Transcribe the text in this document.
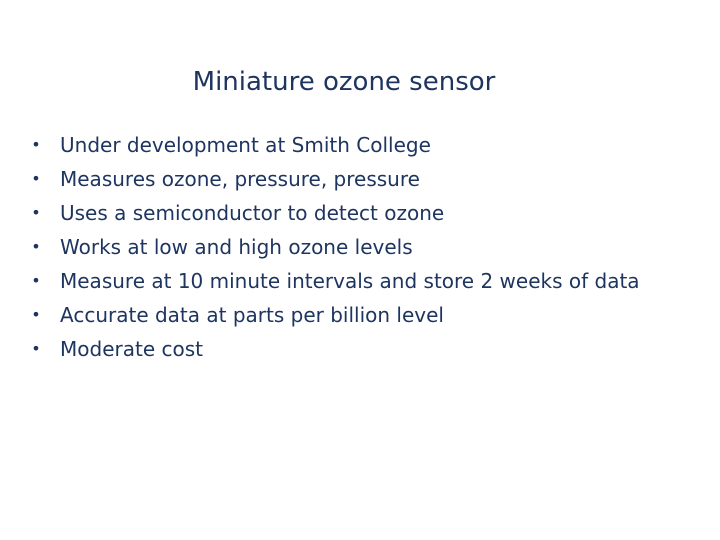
Miniature ozone sensor
• Under development at Smith College
• Measures ozone, pressure, pressure
• Uses a semiconductor to detect ozone
• Works at low and high ozone levels
• Measure at 10 minute intervals and store 2 weeks of data
• Accurate data at parts per billion level
• Moderate cost
